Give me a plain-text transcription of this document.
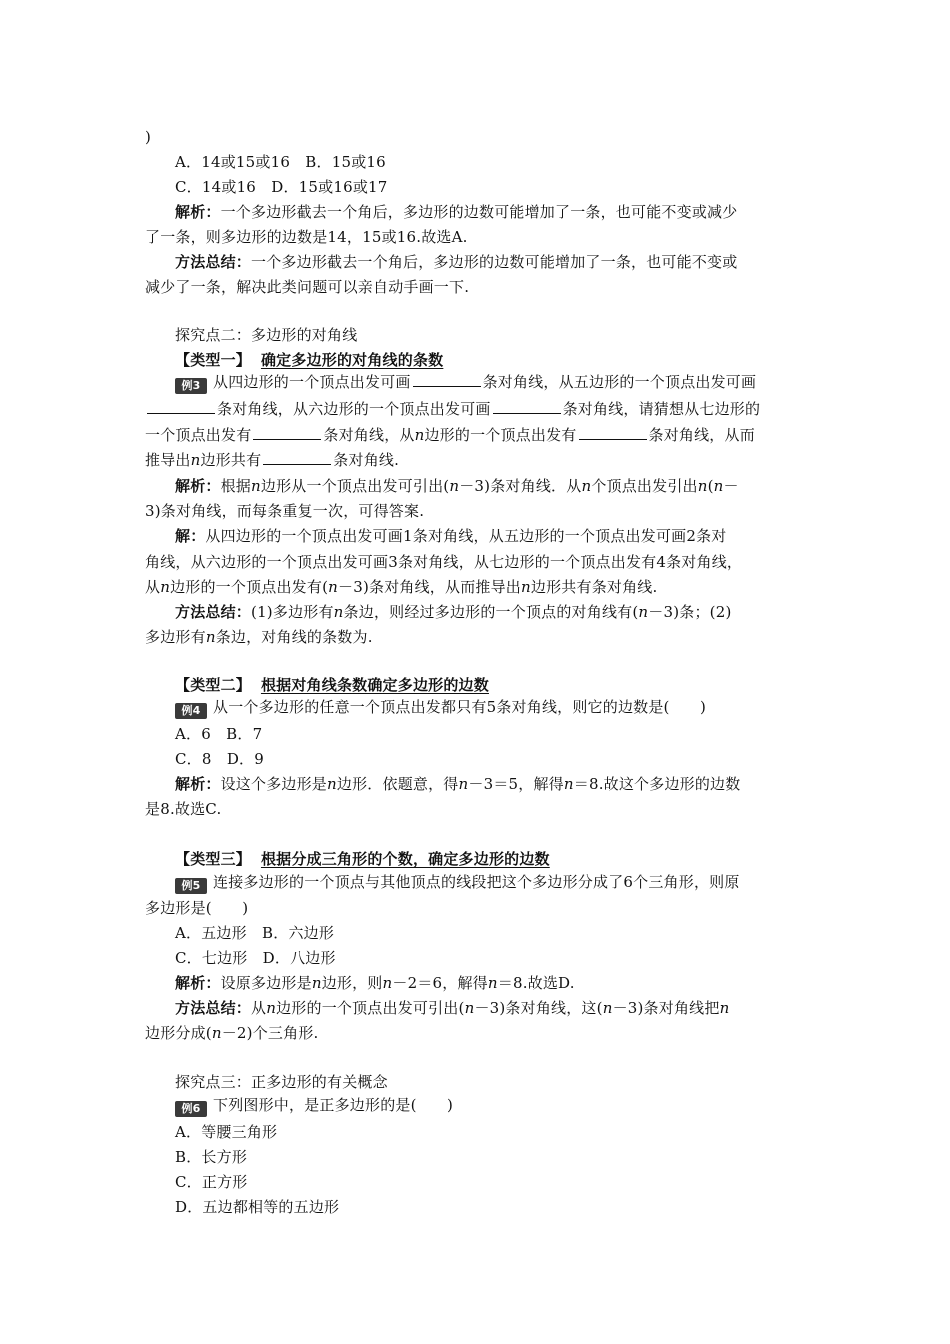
)
A．14或15或16　B．15或16
C．14或16　D．15或16或17
解析：一个多边形截去一个角后，多边形的边数可能增加了一条，也可能不变或减少
了一条，则多边形的边数是14，15或16.故选A.
方法总结：一个多边形截去一个角后，多边形的边数可能增加了一条，也可能不变或
减少了一条，解决此类问题可以亲自动手画一下.
探究点二：多边形的对角线
【类型一】 确定多边形的对角线的条数
例3 从四边形的一个顶点出发可画	条对角线，从五边形的一个顶点出发可画
条对角线，从六边形的一个顶点出发可画	条对角线，请猜想从七边形的
一个顶点出发有	条对角线，从n边形的一个顶点出发有	条对角线，从而
推导出n边形共有	条对角线.
解析：根据n边形从一个顶点出发可引出(n－3)条对角线．从n个顶点出发引出n(n－
3)条对角线，而每条重复一次，可得答案.
解：从四边形的一个顶点出发可画1条对角线，从五边形的一个顶点出发可画2条对
角线，从六边形的一个顶点出发可画3条对角线，从七边形的一个顶点出发有4条对角线，
从n边形的一个顶点出发有(n－3)条对角线，从而推导出n边形共有条对角线.
方法总结：(1)多边形有n条边，则经过多边形的一个顶点的对角线有(n－3)条；(2)
多边形有n条边，对角线的条数为.
【类型二】 根据对角线条数确定多边形的边数
例4 从一个多边形的任意一个顶点出发都只有5条对角线，则它的边数是(　　)
A．6　B．7
C．8　D．9
解析：设这个多边形是n边形．依题意，得n－3＝5，解得n＝8.故这个多边形的边数
是8.故选C.
【类型三】 根据分成三角形的个数，确定多边形的边数
例5 连接多边形的一个顶点与其他顶点的线段把这个多边形分成了6个三角形，则原
多边形是(　　)
A．五边形　B．六边形
C．七边形　D．八边形
解析：设原多边形是n边形，则n－2＝6，解得n＝8.故选D.
方法总结：从n边形的一个顶点出发可引出(n－3)条对角线，这(n－3)条对角线把n
边形分成(n－2)个三角形.
探究点三：正多边形的有关概念
例6 下列图形中，是正多边形的是(　　)
A．等腰三角形
B．长方形
C．正方形
D．五边都相等的五边形
